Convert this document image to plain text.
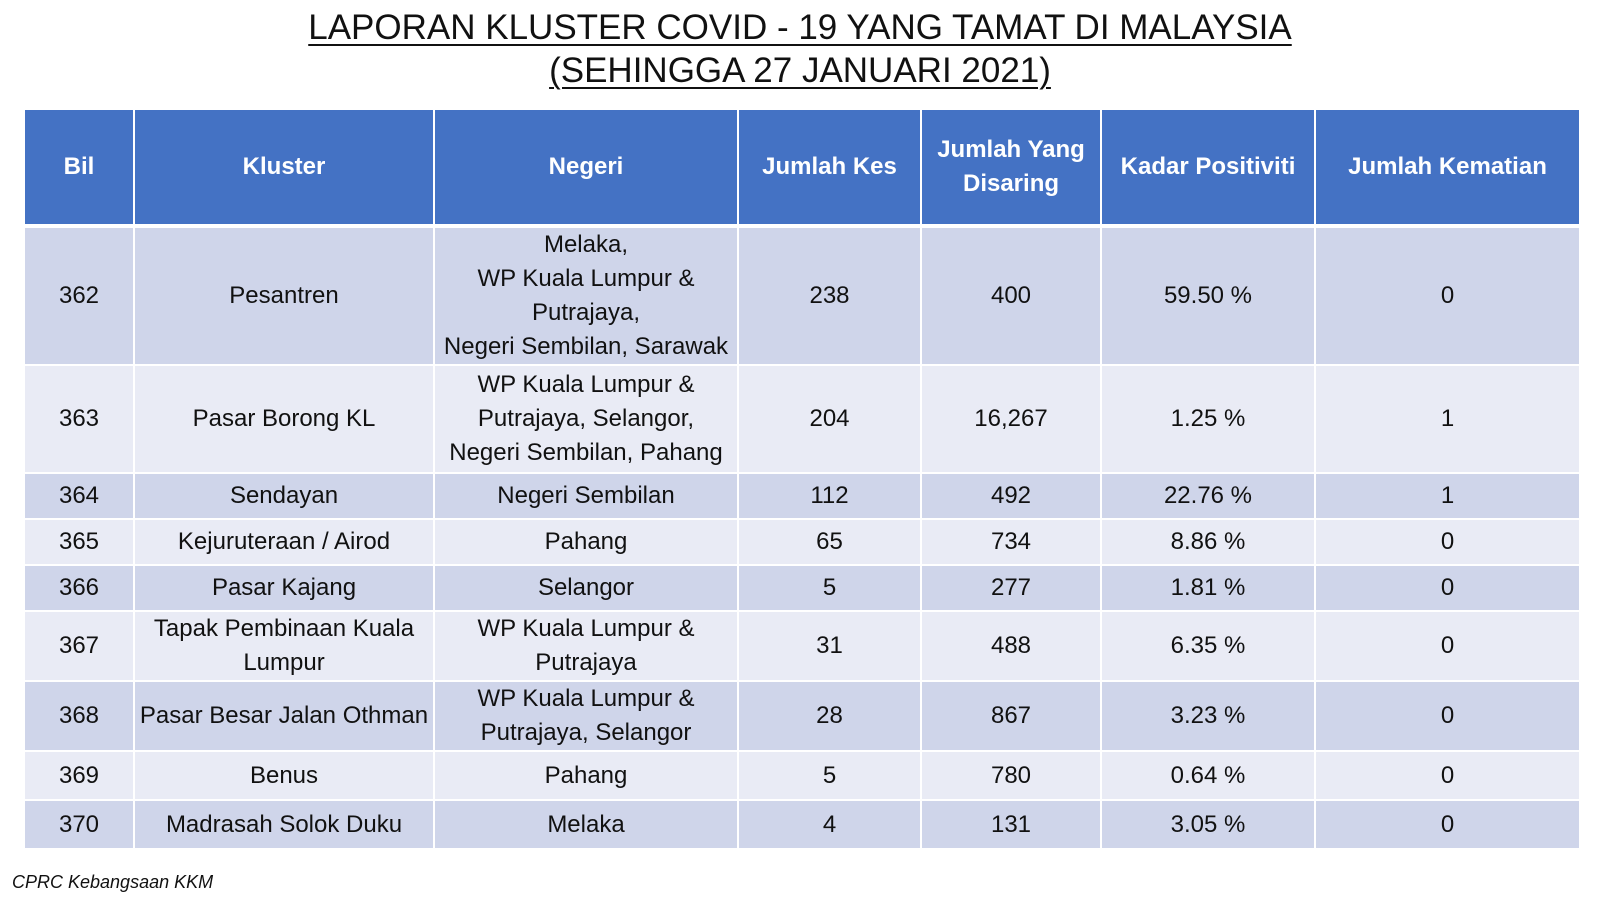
LAPORAN KLUSTER COVID - 19 YANG TAMAT DI MALAYSIA
(SEHINGGA 27 JANUARI 2021)
Bil	Kluster	Negeri	Jumlah Kes	Jumlah Yang
Disaring	Kadar Positiviti	Jumlah Kematian
362	Pesantren	Melaka,
WP Kuala Lumpur &
Putrajaya,
Negeri Sembilan, Sarawak	238	400	59.50 %	0
363	Pasar Borong KL	WP Kuala Lumpur &
Putrajaya, Selangor,
Negeri Sembilan, Pahang	204	16,267	1.25 %	1
364	Sendayan	Negeri Sembilan	112	492	22.76 %	1
365	Kejuruteraan / Airod	Pahang	65	734	8.86 %	0
366	Pasar Kajang	Selangor	5	277	1.81 %	0
367	Tapak Pembinaan Kuala
Lumpur	WP Kuala Lumpur &
Putrajaya	31	488	6.35 %	0
368	Pasar Besar Jalan Othman	WP Kuala Lumpur &
Putrajaya, Selangor	28	867	3.23 %	0
369	Benus	Pahang	5	780	0.64 %	0
370	Madrasah Solok Duku	Melaka	4	131	3.05 %	0
CPRC Kebangsaan KKM
